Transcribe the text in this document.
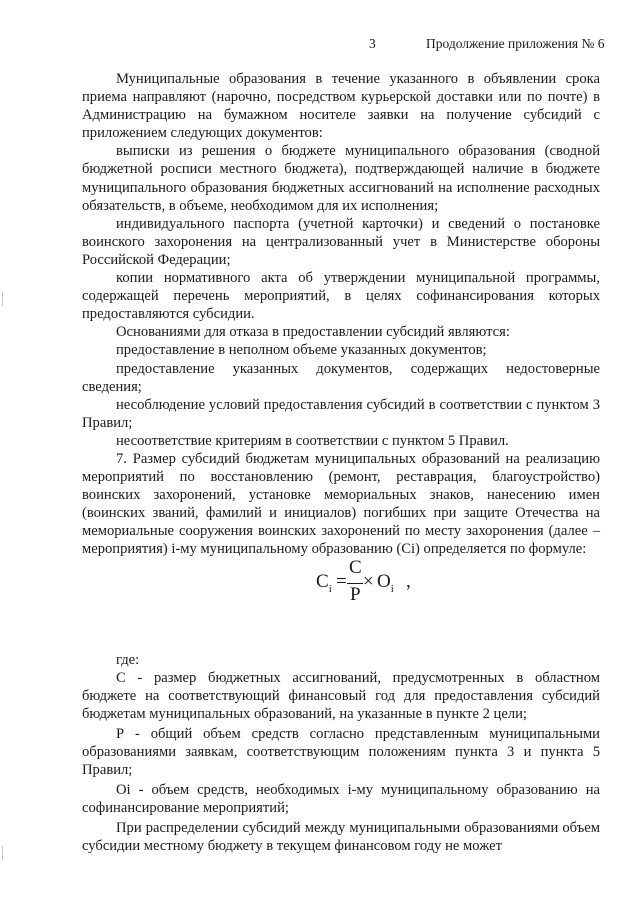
3	Продолжение приложения № 6

Муниципальные образования в течение указанного в объявлении срока приема направляют (нарочно, посредством курьерской доставки или по почте) в Администрацию на бумажном носителе заявки на получение субсидий с приложением следующих документов:

выписки из решения о бюджете муниципального образования (сводной бюджетной росписи местного бюджета), подтверждающей наличие в бюджете муниципального образования бюджетных ассигнований на исполнение расходных обязательств, в объеме, необходимом для их исполнения;

индивидуального паспорта (учетной карточки) и сведений о постановке воинского захоронения на централизованный учет в Министерстве обороны Российской Федерации;

копии нормативного акта об утверждении муниципальной программы, содержащей перечень мероприятий, в целях софинансирования которых предоставляются субсидии.

Основаниями для отказа в предоставлении субсидий являются:

предоставление в неполном объеме указанных документов;

предоставление указанных документов, содержащих недостоверные сведения;

несоблюдение условий предоставления субсидий в соответствии с пунктом 3 Правил;

несоответствие критериям в соответствии с пунктом 5 Правил.

7. Размер субсидий бюджетам муниципальных образований на реализацию мероприятий по восстановлению (ремонт, реставрация, благоустройство) воинских захоронений, установке мемориальных знаков, нанесению имен (воинских званий, фамилий и инициалов) погибших при защите Отечества на мемориальные сооружения воинских захоронений по месту захоронения (далее – мероприятия) i-му муниципальному образованию (Ci) определяется по формуле:

$C_i$ =
C
P
× $O_i$ ,

где:

С - размер бюджетных ассигнований, предусмотренных в областном бюджете на соответствующий финансовый год для предоставления субсидий бюджетам муниципальных образований, на указанные в пункте 2 цели;

Р - общий объем средств согласно представленным муниципальными образованиями заявкам, соответствующим положениям пункта 3 и пункта 5 Правил;

Oi - объем средств, необходимых i-му муниципальному образованию на софинансирование мероприятий;

При распределении субсидий между муниципальными образованиями объем субсидии местному бюджету в текущем финансовом году не может
